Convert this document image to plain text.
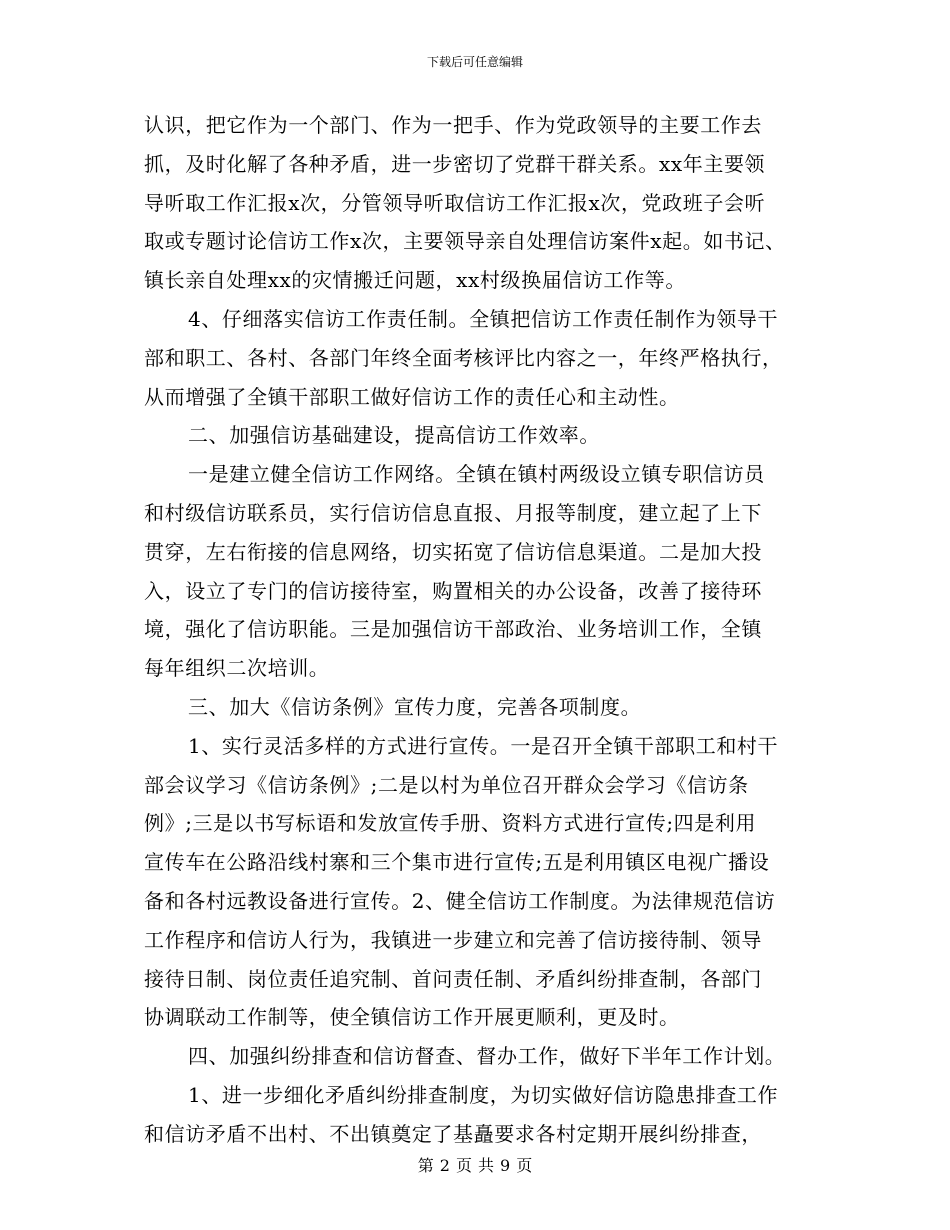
下载后可任意编辑
认识，把它作为一个部门、作为一把手、作为党政领导的主要工作去
抓，及时化解了各种矛盾，进一步密切了党群干群关系。xx年主要领
导听取工作汇报x次，分管领导听取信访工作汇报x次，党政班子会听
取或专题讨论信访工作x次，主要领导亲自处理信访案件x起。如书记、
镇长亲自处理xx的灾情搬迁问题，xx村级换届信访工作等。
4、仔细落实信访工作责任制。全镇把信访工作责任制作为领导干
部和职工、各村、各部门年终全面考核评比内容之一，年终严格执行，
从而增强了全镇干部职工做好信访工作的责任心和主动性。
二、加强信访基础建设，提高信访工作效率。
一是建立健全信访工作网络。全镇在镇村两级设立镇专职信访员
和村级信访联系员，实行信访信息直报、月报等制度，建立起了上下
贯穿，左右衔接的信息网络，切实拓宽了信访信息渠道。二是加大投
入，设立了专门的信访接待室，购置相关的办公设备，改善了接待环
境，强化了信访职能。三是加强信访干部政治、业务培训工作，全镇
每年组织二次培训。
三、加大《信访条例》宣传力度，完善各项制度。
1、实行灵活多样的方式进行宣传。一是召开全镇干部职工和村干
部会议学习《信访条例》;二是以村为单位召开群众会学习《信访条
例》;三是以书写标语和发放宣传手册、资料方式进行宣传;四是利用
宣传车在公路沿线村寨和三个集市进行宣传;五是利用镇区电视广播设
备和各村远教设备进行宣传。2、健全信访工作制度。为法律规范信访
工作程序和信访人行为，我镇进一步建立和完善了信访接待制、领导
接待日制、岗位责任追究制、首问责任制、矛盾纠纷排查制，各部门
协调联动工作制等，使全镇信访工作开展更顺利，更及时。
四、加强纠纷排查和信访督查、督办工作，做好下半年工作计划。
1、进一步细化矛盾纠纷排查制度，为切实做好信访隐患排查工作
和信访矛盾不出村、不出镇奠定了基矗要求各村定期开展纠纷排查，
第 2 页 共 9 页
